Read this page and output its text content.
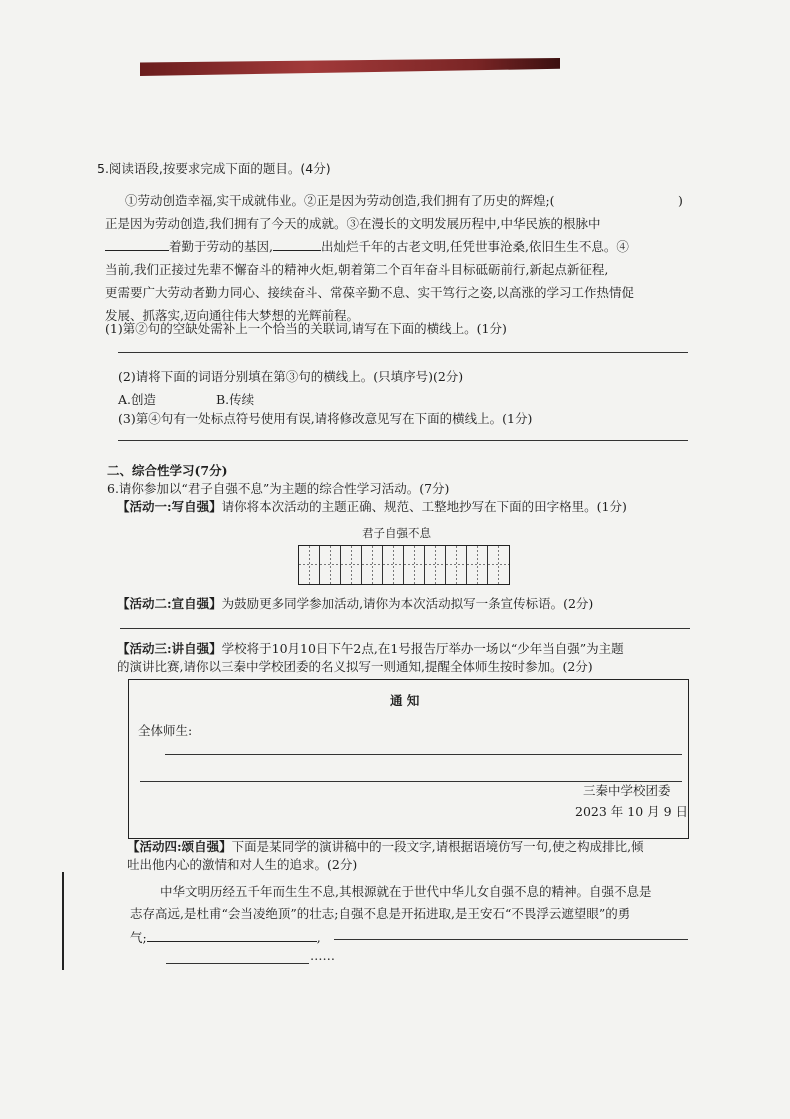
5.阅读语段,按要求完成下面的题目。(4分)
①劳动创造幸福,实干成就伟业。②正是因为劳动创造,我们拥有了历史的辉煌;(	)
正是因为劳动创造,我们拥有了今天的成就。③在漫长的文明发展历程中,中华民族的根脉中
着勤于劳动的基因,	出灿烂千年的古老文明,任凭世事沧桑,依旧生生不息。④
当前,我们正接过先辈不懈奋斗的精神火炬,朝着第二个百年奋斗目标砥砺前行,新起点新征程,
更需要广大劳动者勤力同心、接续奋斗、常葆辛勤不息、实干笃行之姿,以高涨的学习工作热情促
发展、抓落实,迈向通往伟大梦想的光辉前程。
(1)第②句的空缺处需补上一个恰当的关联词,请写在下面的横线上。(1分)
(2)请将下面的词语分别填在第③句的横线上。(只填序号)(2分)
A.创造	B.传续
(3)第④句有一处标点符号使用有误,请将修改意见写在下面的横线上。(1分)
二、综合性学习(7分)
6.请你参加以“君子自强不息”为主题的综合性学习活动。(7分)
【活动一:写自强】请你将本次活动的主题正确、规范、工整地抄写在下面的田字格里。(1分)
君子自强不息
【活动二:宣自强】为鼓励更多同学参加活动,请你为本次活动拟写一条宣传标语。(2分)
【活动三:讲自强】学校将于10月10日下午2点,在1号报告厅举办一场以“少年当自强”为主题
的演讲比赛,请你以三秦中学校团委的名义拟写一则通知,提醒全体师生按时参加。(2分)
通 知
全体师生:
三秦中学校团委
2023 年 10 月 9 日
【活动四:颂自强】下面是某同学的演讲稿中的一段文字,请根据语境仿写一句,使之构成排比,倾
吐出他内心的激情和对人生的追求。(2分)
中华文明历经五千年而生生不息,其根源就在于世代中华儿女自强不息的精神。自强不息是
志存高远,是杜甫“会当凌绝顶”的壮志;自强不息是开拓进取,是王安石“不畏浮云遮望眼”的勇
气;	,
……
